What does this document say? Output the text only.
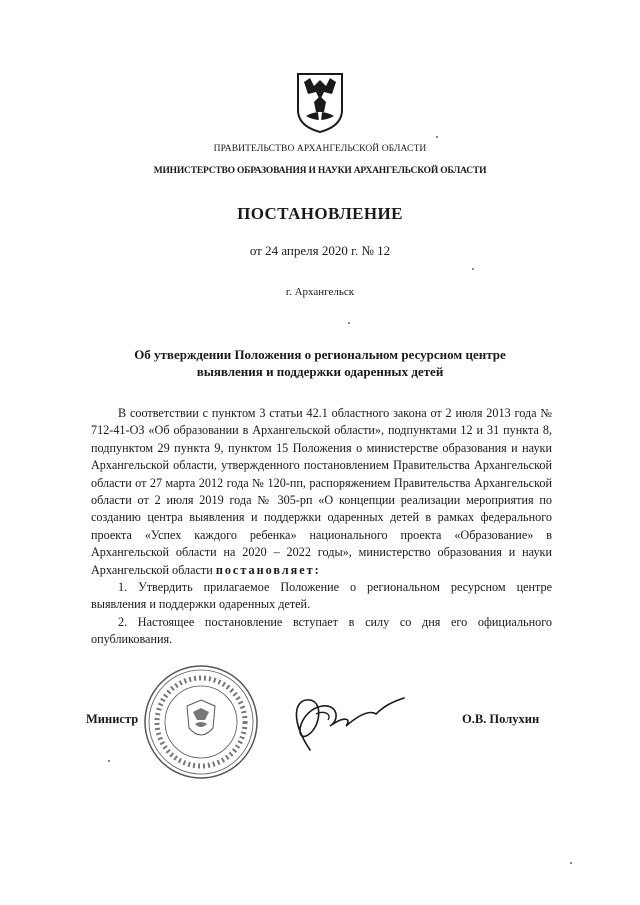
ПРАВИТЕЛЬСТВО АРХАНГЕЛЬСКОЙ ОБЛАСТИ
МИНИСТЕРСТВО ОБРАЗОВАНИЯ И НАУКИ АРХАНГЕЛЬСКОЙ ОБЛАСТИ
ПОСТАНОВЛЕНИЕ
от 24 апреля 2020 г. № 12
г. Архангельск
Об утверждении Положения о региональном ресурсном центре
выявления и поддержки одаренных детей

В соответствии с пунктом 3 статьи 42.1 областного закона от 2 июля 2013 года № 712-41-ОЗ «Об образовании в Архангельской области», подпунктами 12 и 31 пункта 8, подпунктом 29 пункта 9, пунктом 15 Положения о министерстве образования и науки Архангельской области, утвержденного постановлением Правительства Архангельской области от 27 марта 2012 года № 120-пп, распоряжением Правительства Архангельской области от 2 июля 2019 года № 305-рп «О концепции реализации мероприятия по созданию центра выявления и поддержки одаренных детей в рамках федерального проекта «Успех каждого ребенка» национального проекта «Образование» в Архангельской области на 2020 – 2022 годы», министерство образования и науки Архангельской области постановляет:

1. Утвердить прилагаемое Положение о региональном ресурсном центре выявления и поддержки одаренных детей.

2. Настоящее постановление вступает в силу со дня его официального опубликования.

Министр	О.В. Полухин
